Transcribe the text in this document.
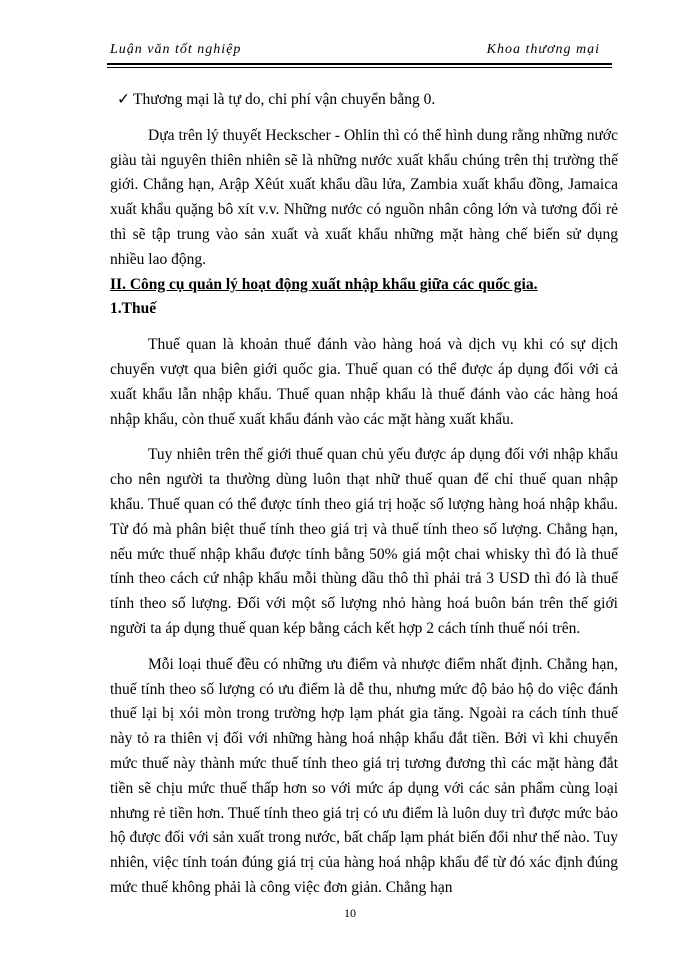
Luận văn tốt nghiệp	Khoa thương mại

✓ Thương mại là tự do, chi phí vận chuyển bằng 0.

Dựa trên lý thuyết Heckscher - Ohlin thì có thể hình dung rằng những nước giàu tài nguyên thiên nhiên sẽ là những nước xuất khẩu chúng trên thị trường thế giới. Chẳng hạn, Arập Xêút xuất khẩu dầu lửa, Zambia xuất khẩu đồng, Jamaica xuất khẩu quặng bô xít v.v. Những nước có nguồn nhân công lớn và tương đối rẻ thì sẽ tập trung vào sản xuất và xuất khẩu những mặt hàng chế biến sử dụng nhiều lao động.

II. Công cụ quản lý hoạt động xuất nhập khẩu giữa các quốc gia.

1.Thuế

Thuế quan là khoản thuế đánh vào hàng hoá và dịch vụ khi có sự dịch chuyển vượt qua biên giới quốc gia. Thuế quan có thể được áp dụng đối với cả xuất khẩu lẫn nhập khẩu. Thuế quan nhập khẩu là thuế đánh vào các hàng hoá nhập khẩu, còn thuế xuất khẩu đánh vào các mặt hàng xuất khẩu.

Tuy nhiên trên thế giới thuế quan chủ yếu được áp dụng đối với nhập khẩu cho nên người ta thường dùng luôn thạt nhữ thuế quan để chỉ thuế quan nhập khẩu. Thuế quan có thể được tính theo giá trị hoặc số lượng hàng hoá nhập khẩu. Từ đó mà phân biệt thuế tính theo giá trị và thuế tính theo số lượng. Chẳng hạn, nếu mức thuế nhập khẩu được tính bằng 50% giá một chai whisky thì đó là thuế tính theo cách cứ nhập khẩu mỗi thùng dầu thô thì phải trả 3 USD thì đó là thuế tính theo số lượng. Đối với một số lượng nhỏ hàng hoá buôn bán trên thế giới người ta áp dụng thuế quan kép bằng cách kết hợp 2 cách tính thuế nói trên.

Mỗi loại thuế đều có những ưu điểm và nhược điểm nhất định. Chẳng hạn, thuế tính theo số lượng có ưu điểm là dễ thu, nhưng mức độ bảo hộ do việc đánh thuế lại bị xói mòn trong trường hợp lạm phát gia tăng. Ngoài ra cách tính thuế này tỏ ra thiên vị đối với những hàng hoá nhập khẩu đắt tiền. Bởi vì khi chuyển mức thuế này thành mức thuế tính theo giá trị tương đương thì các mặt hàng đắt tiền sẽ chịu mức thuế thấp hơn so với mức áp dụng với các sản phẩm cùng loại nhưng rẻ tiền hơn. Thuế tính theo giá trị có ưu điểm là luôn duy trì được mức bảo hộ được đối với sản xuất trong nước, bất chấp lạm phát biến đổi như thế nào. Tuy nhiên, việc tính toán đúng giá trị của hàng hoá nhập khẩu để từ đó xác định đúng mức thuế không phải là công việc đơn giản. Chẳng hạn

10
